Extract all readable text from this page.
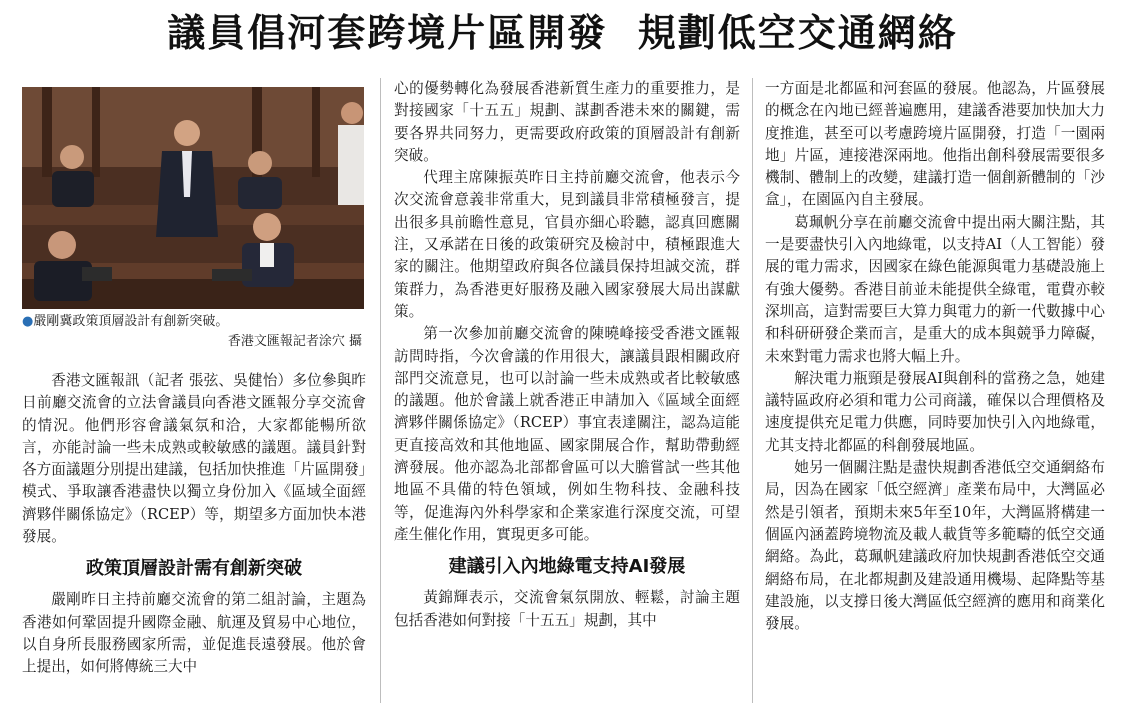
議員倡河套跨境片區開發  規劃低空交通網絡
●嚴剛冀政策頂層設計有創新突破。
香港文匯報記者涂穴 攝

香港文匯報訊（記者 張弦、吳健怡）多位參與昨日前廳交流會的立法會議員向香港文匯報分享交流會的情況。他們形容會議氣氛和洽，大家都能暢所欲言，亦能討論一些未成熟或較敏感的議題。議員針對各方面議題分別提出建議，包括加快推進「片區開發」模式、爭取讓香港盡快以獨立身份加入《區域全面經濟夥伴關係協定》（RCEP）等，期望多方面加快本港發展。

政策頂層設計需有創新突破

嚴剛昨日主持前廳交流會的第二組討論，主題為香港如何鞏固提升國際金融、航運及貿易中心地位，以自身所長服務國家所需，並促進長遠發展。他於會上提出，如何將傳統三大中

心的優勢轉化為發展香港新質生產力的重要推力，是對接國家「十五五」規劃、謀劃香港未來的關鍵，需要各界共同努力，更需要政府政策的頂層設計有創新突破。

代理主席陳振英昨日主持前廳交流會，他表示今次交流會意義非常重大，見到議員非常積極發言，提出很多具前瞻性意見，官員亦細心聆聽，認真回應關注，又承諾在日後的政策研究及檢討中，積極跟進大家的關注。他期望政府與各位議員保持坦誠交流，群策群力，為香港更好服務及融入國家發展大局出謀獻策。

第一次參加前廳交流會的陳曉峰接受香港文匯報訪問時指，今次會議的作用很大，讓議員跟相關政府部門交流意見，也可以討論一些未成熟或者比較敏感的議題。他於會議上就香港正申請加入《區域全面經濟夥伴關係協定》（RCEP）事宜表達關注，認為這能更直接高效和其他地區、國家開展合作，幫助帶動經濟發展。他亦認為北部都會區可以大膽嘗試一些其他地區不具備的特色領域，例如生物科技、金融科技等，促進海內外科學家和企業家進行深度交流，可望產生催化作用，實現更多可能。

建議引入內地綠電支持AI發展

黃錦輝表示，交流會氣氛開放、輕鬆，討論主題包括香港如何對接「十五五」規劃，其中

一方面是北都區和河套區的發展。他認為，片區發展的概念在內地已經普遍應用，建議香港要加快加大力度推進，甚至可以考慮跨境片區開發，打造「一園兩地」片區，連接港深兩地。他指出創科發展需要很多機制、體制上的改變，建議打造一個創新體制的「沙盒」，在園區內自主發展。

葛珮帆分享在前廳交流會中提出兩大關注點，其一是要盡快引入內地綠電，以支持AI（人工智能）發展的電力需求，因國家在綠色能源與電力基礎設施上有強大優勢。香港目前並未能提供全綠電，電費亦較深圳高，這對需要巨大算力與電力的新一代數據中心和科研研發企業而言，是重大的成本與競爭力障礙，未來對電力需求也將大幅上升。

解決電力瓶頸是發展AI與創科的當務之急，她建議特區政府必須和電力公司商議，確保以合理價格及速度提供充足電力供應，同時要加快引入內地綠電，尤其支持北都區的科創發展地區。

她另一個關注點是盡快規劃香港低空交通網絡布局，因為在國家「低空經濟」產業布局中，大灣區必然是引領者，預期未來5年至10年，大灣區將構建一個區內涵蓋跨境物流及載人載貨等多範疇的低空交通網絡。為此，葛珮帆建議政府加快規劃香港低空交通網絡布局，在北都規劃及建設通用機場、起降點等基建設施，以支撐日後大灣區低空經濟的應用和商業化發展。
